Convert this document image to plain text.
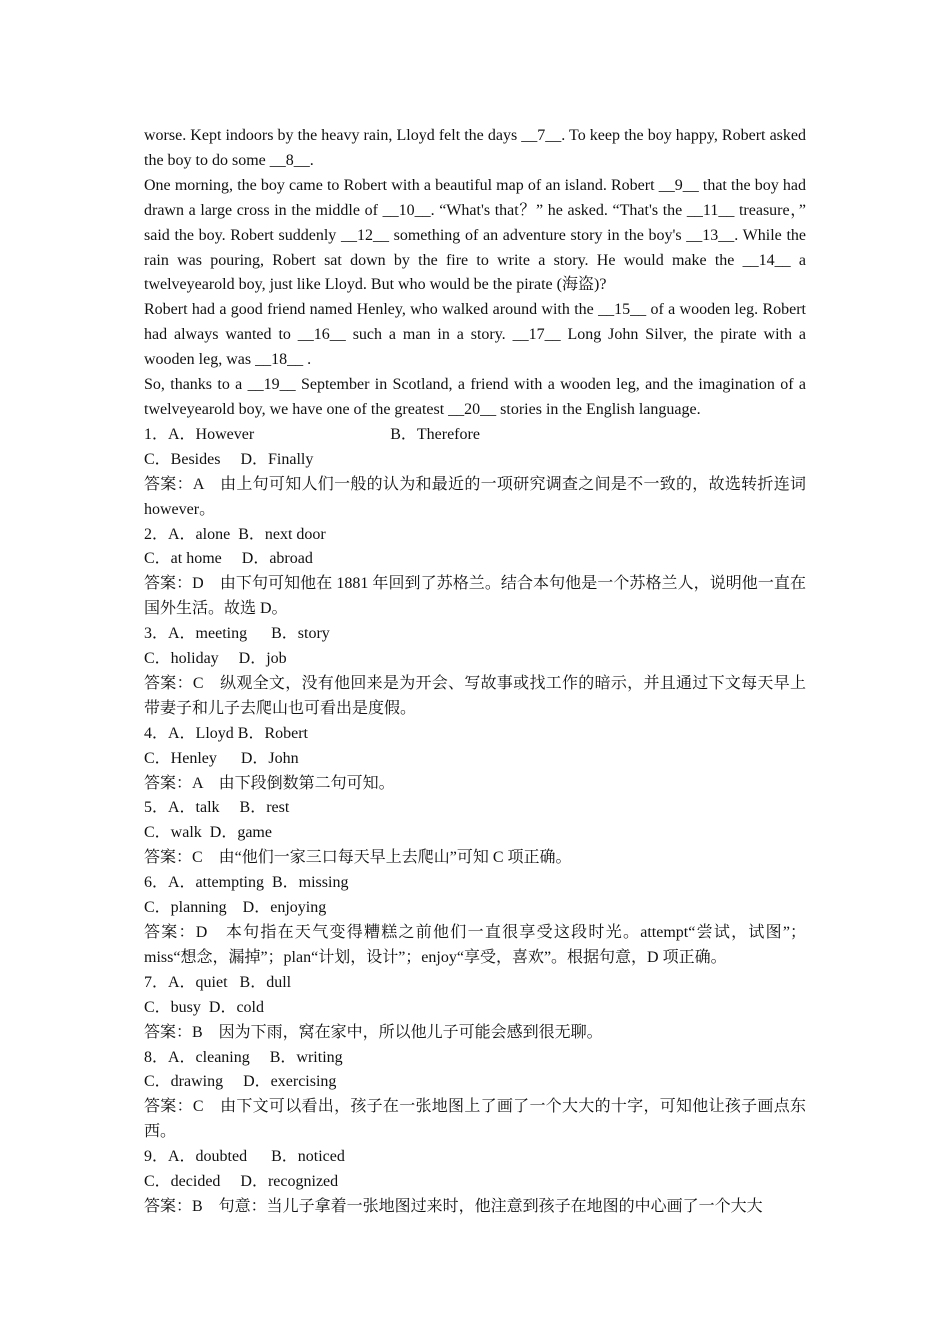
worse. Kept indoors by the heavy rain, Lloyd felt the days __7__. To keep the boy happy, Robert asked the boy to do some __8__.

One morning, the boy came to Robert with a beautiful map of an island. Robert __9__ that the boy had drawn a large cross in the middle of __10__. “What's that？” he asked. “That's the __11__ treasure，” said the boy. Robert suddenly __12__ something of an adventure story in the boy's __13__. While the rain was pouring, Robert sat down by the fire to write a story. He would make the __14__ a twelveyearold boy, just like Lloyd. But who would be the pirate (海盗)?

Robert had a good friend named Henley, who walked around with the __15__ of a wooden leg. Robert had always wanted to __16__ such a man in a story. __17__ Long John Silver, the pirate with a wooden leg, was __18__ .

So, thanks to a __19__ September in Scotland, a friend with a wooden leg, and the imagination of a twelveyearold boy, we have one of the greatest __20__ stories in the English language.

1．A．However                                  B．Therefore

C．Besides     D．Finally

答案：A　由上句可知人们一般的认为和最近的一项研究调查之间是不一致的，故选转折连词 however。

2．A．alone  B．next door

C．at home     D．abroad

答案：D　由下句可知他在 1881 年回到了苏格兰。结合本句他是一个苏格兰人，说明他一直在国外生活。故选 D。

3．A．meeting      B．story

C．holiday     D．job

答案：C　纵观全文，没有他回来是为开会、写故事或找工作的暗示，并且通过下文每天早上带妻子和儿子去爬山也可看出是度假。

4．A．Lloyd B．Robert

C．Henley      D．John

答案：A　由下段倒数第二句可知。

5．A．talk     B．rest

C．walk  D．game

答案：C　由“他们一家三口每天早上去爬山”可知 C 项正确。

6．A．attempting  B．missing

C．planning    D．enjoying

答案：D　本句指在天气变得糟糕之前他们一直很享受这段时光。attempt“尝试，试图”；miss“想念，漏掉”；plan“计划，设计”；enjoy“享受，喜欢”。根据句意，D 项正确。

7．A．quiet   B．dull

C．busy  D．cold

答案：B　因为下雨，窝在家中，所以他儿子可能会感到很无聊。

8．A．cleaning     B．writing

C．drawing     D．exercising

答案：C　由下文可以看出，孩子在一张地图上了画了一个大大的十字，可知他让孩子画点东西。

9．A．doubted      B．noticed

C．decided     D．recognized

答案：B　句意：当儿子拿着一张地图过来时，他注意到孩子在地图的中心画了一个大大
